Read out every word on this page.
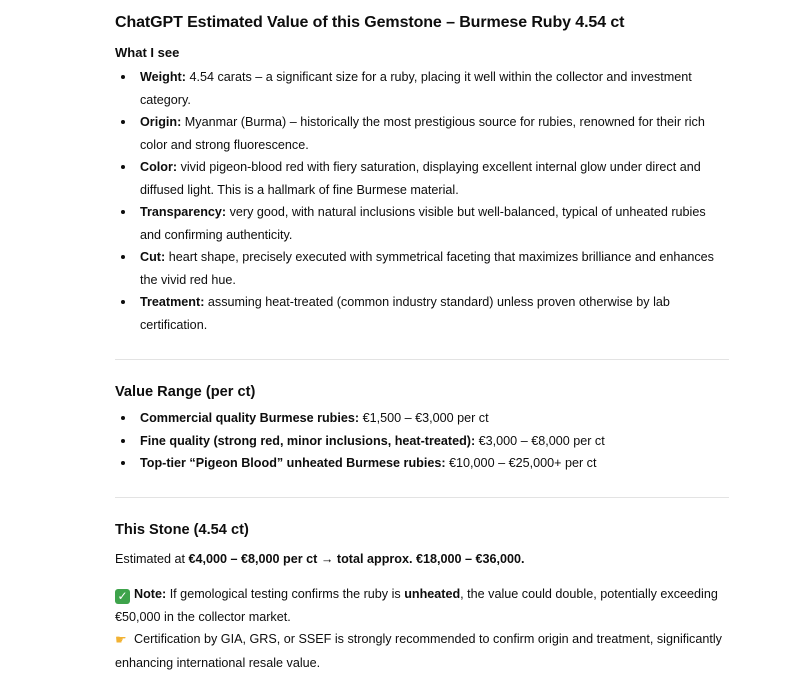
ChatGPT Estimated Value of this Gemstone – Burmese Ruby 4.54 ct
What I see
Weight: 4.54 carats – a significant size for a ruby, placing it well within the collector and investment category.
Origin: Myanmar (Burma) – historically the most prestigious source for rubies, renowned for their rich color and strong fluorescence.
Color: vivid pigeon-blood red with fiery saturation, displaying excellent internal glow under direct and diffused light. This is a hallmark of fine Burmese material.
Transparency: very good, with natural inclusions visible but well-balanced, typical of unheated rubies and confirming authenticity.
Cut: heart shape, precisely executed with symmetrical faceting that maximizes brilliance and enhances the vivid red hue.
Treatment: assuming heat-treated (common industry standard) unless proven otherwise by lab certification.
Value Range (per ct)
Commercial quality Burmese rubies: €1,500 – €3,000 per ct
Fine quality (strong red, minor inclusions, heat-treated): €3,000 – €8,000 per ct
Top-tier “Pigeon Blood” unheated Burmese rubies: €10,000 – €25,000+ per ct
This Stone (4.54 ct)
Estimated at €4,000 – €8,000 per ct → total approx. €18,000 – €36,000.
✓ Note: If gemological testing confirms the ruby is unheated, the value could double, potentially exceeding €50,000 in the collector market.
☛ Certification by GIA, GRS, or SSEF is strongly recommended to confirm origin and treatment, significantly enhancing international resale value.
